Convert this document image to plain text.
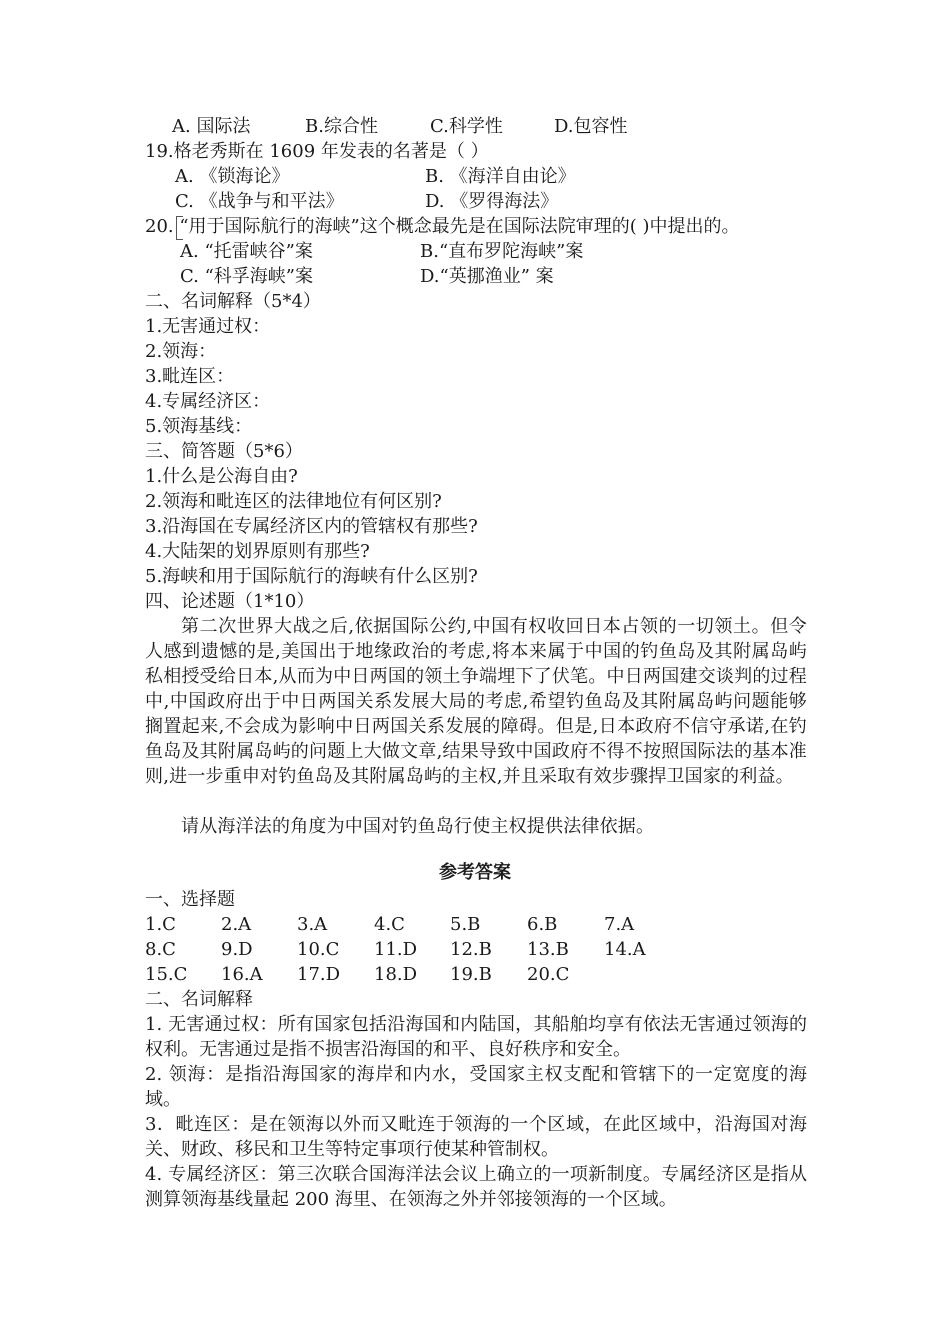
A. 国际法	B.综合性	C.科学性	D.包容性
19.格老秀斯在 1609 年发表的名著是（ ）
A. 《锁海论》	B. 《海洋自由论》
C. 《战争与和平法》	D. 《罗得海法》
20. “用于国际航行的海峡”这个概念最先是在国际法院审理的( )中提出的。
A. “托雷峡谷”案	B.“直布罗陀海峡”案
C. “科孚海峡”案	D.“英挪渔业” 案
二、名词解释（5*4）
1.无害通过权：
2.领海：
3.毗连区：
4.专属经济区：
5.领海基线：
三、简答题（5*6）
1.什么是公海自由?
2.领海和毗连区的法律地位有何区别?
3.沿海国在专属经济区内的管辖权有那些?
4.大陆架的划界原则有那些?
5.海峡和用于国际航行的海峡有什么区别?
四、论述题（1*10）
第二次世界大战之后,依据国际公约,中国有权收回日本占领的一切领土。但令人感到遗憾的是,美国出于地缘政治的考虑,将本来属于中国的钓鱼岛及其附属岛屿私相授受给日本,从而为中日两国的领土争端埋下了伏笔。中日两国建交谈判的过程中,中国政府出于中日两国关系发展大局的考虑,希望钓鱼岛及其附属岛屿问题能够搁置起来,不会成为影响中日两国关系发展的障碍。但是,日本政府不信守承诺,在钓鱼岛及其附属岛屿的问题上大做文章,结果导致中国政府不得不按照国际法的基本准则,进一步重申对钓鱼岛及其附属岛屿的主权,并且采取有效步骤捍卫国家的利益。
请从海洋法的角度为中国对钓鱼岛行使主权提供法律依据。
参考答案
一、选择题
1.C	2.A	3.A	4.C	5.B	6.B	7.A
8.C	9.D 10.C 11.D 12.B 13.B 14.A
15.C 16.A 17.D 18.D 19.B 20.C
二、名词解释
1. 无害通过权：所有国家包括沿海国和内陆国，其船舶均享有依法无害通过领海的权利。无害通过是指不损害沿海国的和平、良好秩序和安全。
2. 领海：是指沿海国家的海岸和内水，受国家主权支配和管辖下的一定宽度的海域。
3．毗连区：是在领海以外而又毗连于领海的一个区域，在此区域中，沿海国对海关、财政、移民和卫生等特定事项行使某种管制权。
4. 专属经济区：第三次联合国海洋法会议上确立的一项新制度。专属经济区是指从测算领海基线量起 200 海里、在领海之外并邻接领海的一个区域。
